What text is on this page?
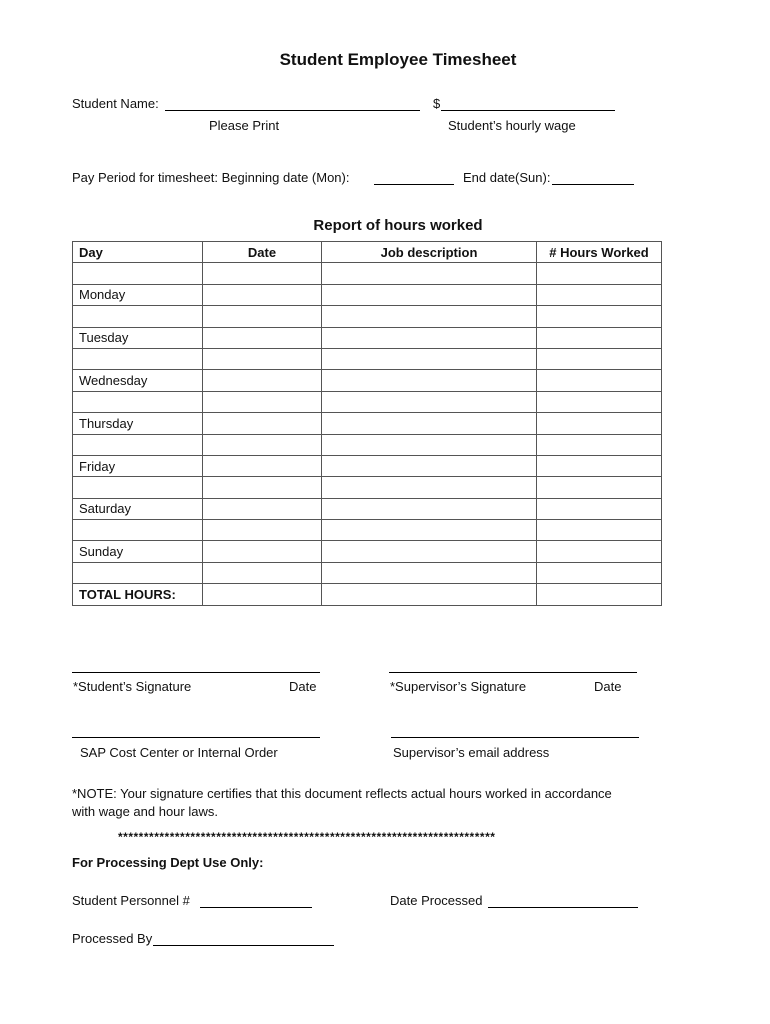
Student Employee Timesheet
Student Name:	$
Please Print	Student’s hourly wage
Pay Period for timesheet: Beginning date (Mon):	End date(Sun):
Report of hours worked
Day	Date	Job description	# Hours Worked

Monday			

Tuesday			

Wednesday			

Thursday			

Friday			

Saturday			

Sunday			

TOTAL HOURS:			
*Student’s Signature	Date	*Supervisor’s Signature	Date
SAP Cost Center or Internal Order	Supervisor’s email address
*NOTE: Your signature certifies that this document reflects actual hours worked in accordance
with wage and hour laws.
*************************************************************************
For Processing Dept Use Only:
Student Personnel #	Date Processed
Processed By
